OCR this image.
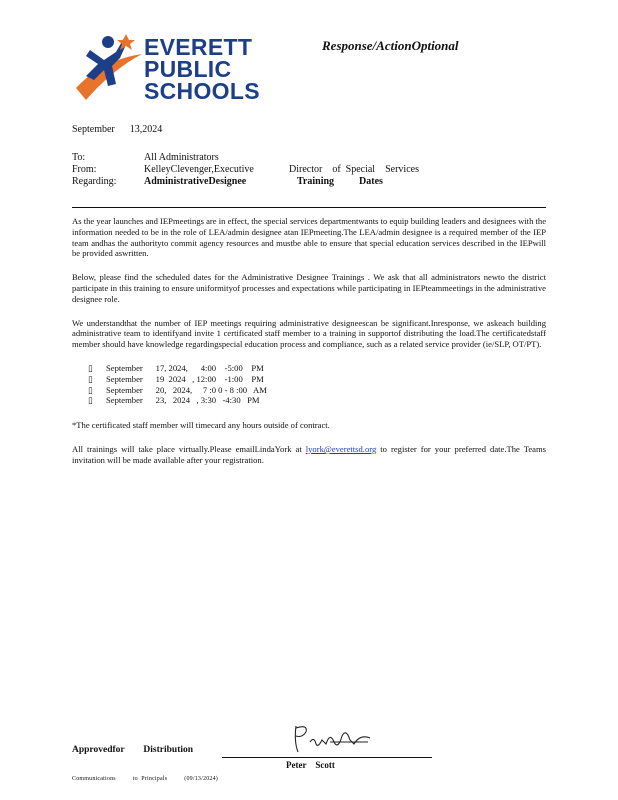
EVERETT
PUBLIC
SCHOOLS
Response/ActionOptional
September      13,2024
To:	All Administrators
From:	KelleyClevenger,Executive	Director    of  Special    Services
Regarding:	AdministrativeDesignee	Training          Dates

As the year launches and IEPmeetings are in effect, the special services departmentwants to equip building leaders and designees with the information needed to be in the role of LEA/admin designee atan IEPmeeting.The LEA/admin designee is a required member of the IEP team andhas the authorityto commit agency resources and mustbe able to ensure that special education services described in the IEPwill be provided aswritten.

Below, please find the scheduled dates for the Administrative Designee Trainings . We ask that all administrators newto the district participate in this training to ensure uniformityof processes and expectations while participating in IEPteammeetings in the administrative designee role.

We understandthat the number of IEP meetings requiring administrative designeescan be significant.Inresponse, we askeach building administrative team to identifyand invite 1 certificated staff member to a training in supportof distributing the load.The certificatedstaff member should have knowledge regardingspecial education process and compliance, such as a related service provider (ie/SLP, OT/PT).

▯	September      17, 2024,      4:00    -5:00    PM
▯	September      19  2024   , 12:00    -1:00    PM
▯	September      20,   2024,     7 :0 0 - 8 :00   AM
▯	September      23,   2024   , 3:30   -4:30   PM

*The certificated staff member will timecard any hours outside of contract.

All trainings will take place virtually.Please emailLindaYork at lyork@everettsd.org to register for your preferred date.The Teams invitation will be made available after your registration.

Approvedfor        Distribution
Peter    Scott
Communications          to  Principals          (09/13/2024)
